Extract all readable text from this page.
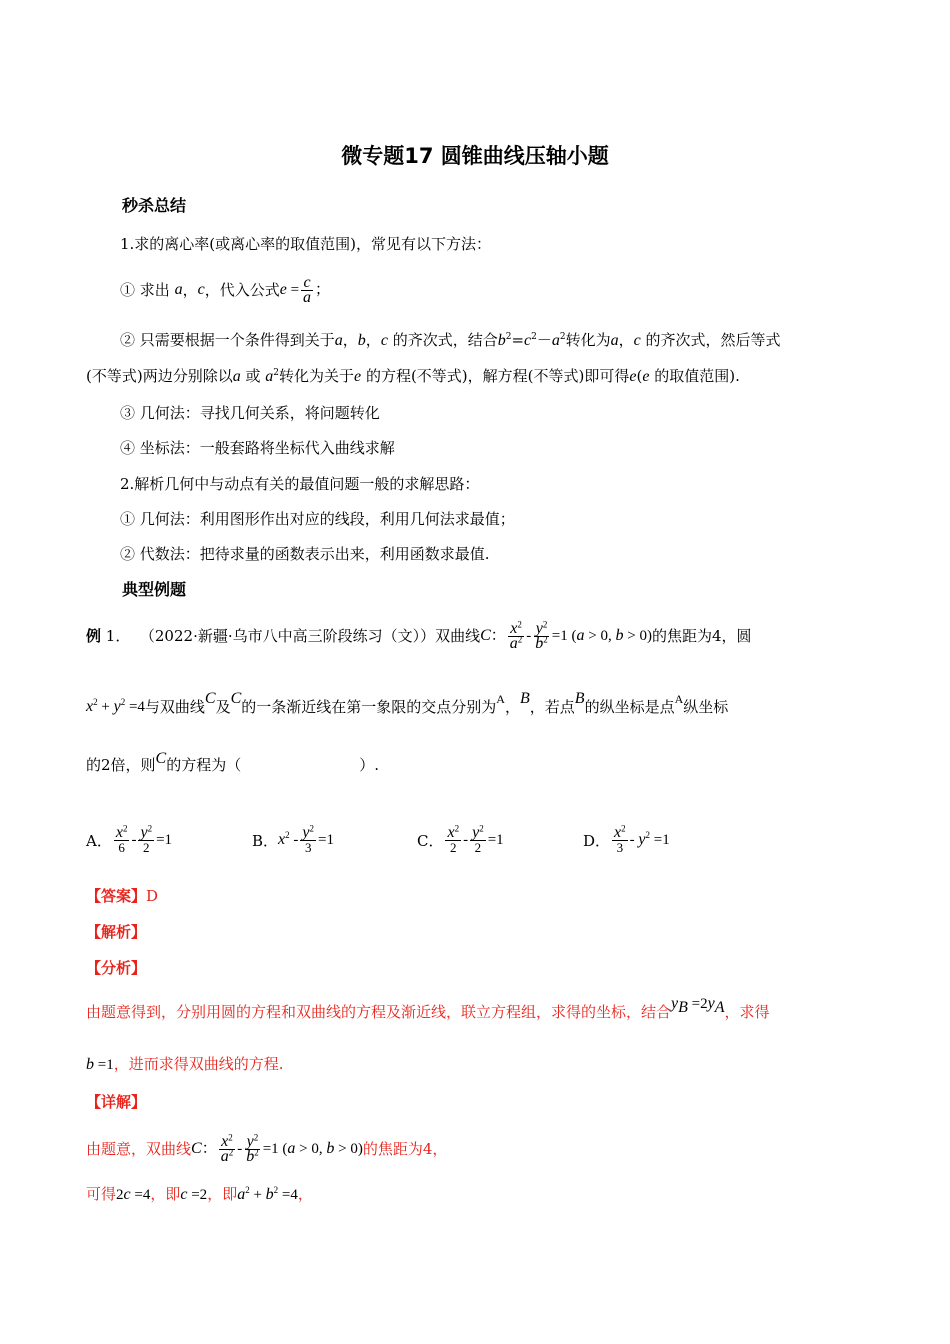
微专题17 圆锥曲线压轴小题
秒杀总结
1.求的离心率(或离心率的取值范围)，常见有以下方法：
① 求出
a ， c ，代入公式 $e = \frac{c}{a}$ ；
② 只需要根据一个条件得到关于a，b，c 的齐次式，结合$b^2=c^2-a^2$转化为a，c 的齐次式，然后等式
(不等式)两边分别除以a 或 $a^2$转化为关于e 的方程(不等式)，解方程(不等式)即可得e(e 的取值范围).
③ 几何法：寻找几何关系，将问题转化
④ 坐标法：一般套路将坐标代入曲线求解
2.解析几何中与动点有关的最值问题一般的求解思路：
① 几何法：利用图形作出对应的线段，利用几何法求最值；
② 代数法：把待求量的函数表示出来，利用函数求最值.
典型例题
例
1．
（2022·新疆·乌市八中高三阶段练习（文））双曲线 C： $\frac{x^2}{a^2} - \frac{y^2}{b^2} =1$ (a > 0, b > 0) 的焦距为4，圆
$x^2 + y^2 =4$ 与双曲线 C 及 C 的一条渐近线在第一象限的交点分别为 A ， B ，若点 B 的纵坐标是点 A 纵坐标
的2倍，则 C 的方程为（	）.
A． $\frac{x^2}{6} - \frac{y^2}{2} =1$	B． $x^2 - \frac{y^2}{3} =1$	C． $\frac{x^2}{2} - \frac{y^2}{2} =1$	D． $\frac{x^2}{3} - y^2 =1$
【答案】D
【解析】
【分析】
由题意得到，分别用圆的方程和双曲线的方程及渐近线，联立方程组，求得的坐标，结合 $y_B =2y_A$ ，求得
b =1，进而求得双曲线的方程.
【详解】
由题意，双曲线 C： $\frac{x^2}{a^2} - \frac{y^2}{b^2} =1$ (a > 0, b > 0) 的焦距为4，
可得2c =4，即c =2，即$a^2 + b^2 =4$，
